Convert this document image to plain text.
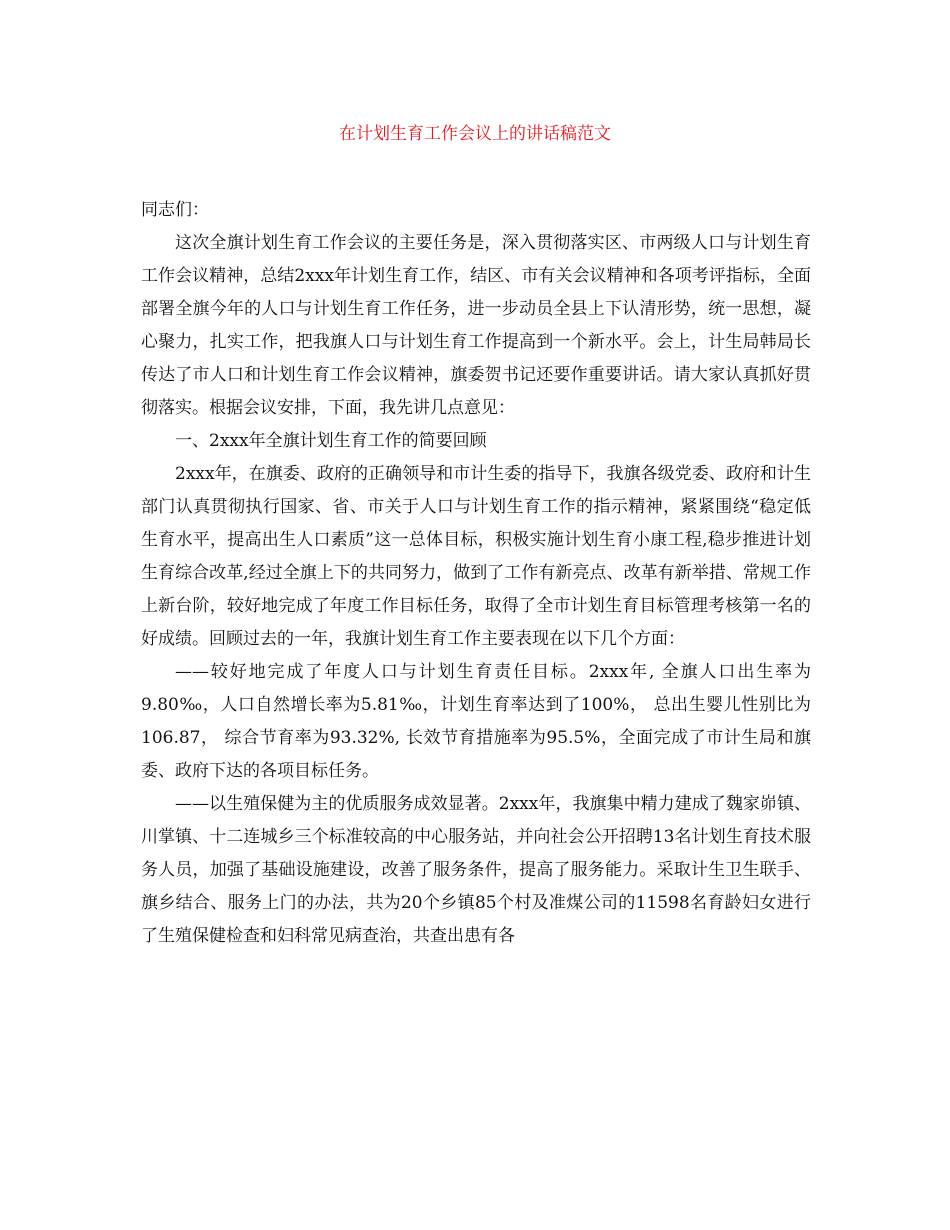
在计划生育工作会议上的讲话稿范文

同志们：

这次全旗计划生育工作会议的主要任务是，深入贯彻落实区、市两级人口与计划生育工作会议精神，总结2xxx年计划生育工作，结区、市有关会议精神和各项考评指标，全面部署全旗今年的人口与计划生育工作任务，进一步动员全县上下认清形势，统一思想，凝心聚力，扎实工作，把我旗人口与计划生育工作提高到一个新水平。会上，计生局韩局长传达了市人口和计划生育工作会议精神，旗委贺书记还要作重要讲话。请大家认真抓好贯彻落实。根据会议安排，下面，我先讲几点意见：

一、2xxx年全旗计划生育工作的简要回顾

2xxx年，在旗委、政府的正确领导和市计生委的指导下，我旗各级党委、政府和计生部门认真贯彻执行国家、省、市关于人口与计划生育工作的指示精神，紧紧围绕“稳定低生育水平，提高出生人口素质”这一总体目标，积极实施计划生育小康工程,稳步推进计划生育综合改革,经过全旗上下的共同努力，做到了工作有新亮点、改革有新举措、常规工作上新台阶，较好地完成了年度工作目标任务，取得了全市计划生育目标管理考核第一名的好成绩。回顾过去的一年，我旗计划生育工作主要表现在以下几个方面：

——较好地完成了年度人口与计划生育责任目标。2xxx年, 全旗人口出生率为9.80‰，人口自然增长率为5.81‰，计划生育率达到了100%， 总出生婴儿性别比为106.87， 综合节育率为93.32%, 长效节育措施率为95.5%，全面完成了市计生局和旗委、政府下达的各项目标任务。

——以生殖保健为主的优质服务成效显著。2xxx年，我旗集中精力建成了魏家峁镇、川掌镇、十二连城乡三个标准较高的中心服务站，并向社会公开招聘13名计划生育技术服务人员，加强了基础设施建设，改善了服务条件，提高了服务能力。采取计生卫生联手、旗乡结合、服务上门的办法，共为20个乡镇85个村及准煤公司的11598名育龄妇女进行了生殖保健检查和妇科常见病查治，共查出患有各
